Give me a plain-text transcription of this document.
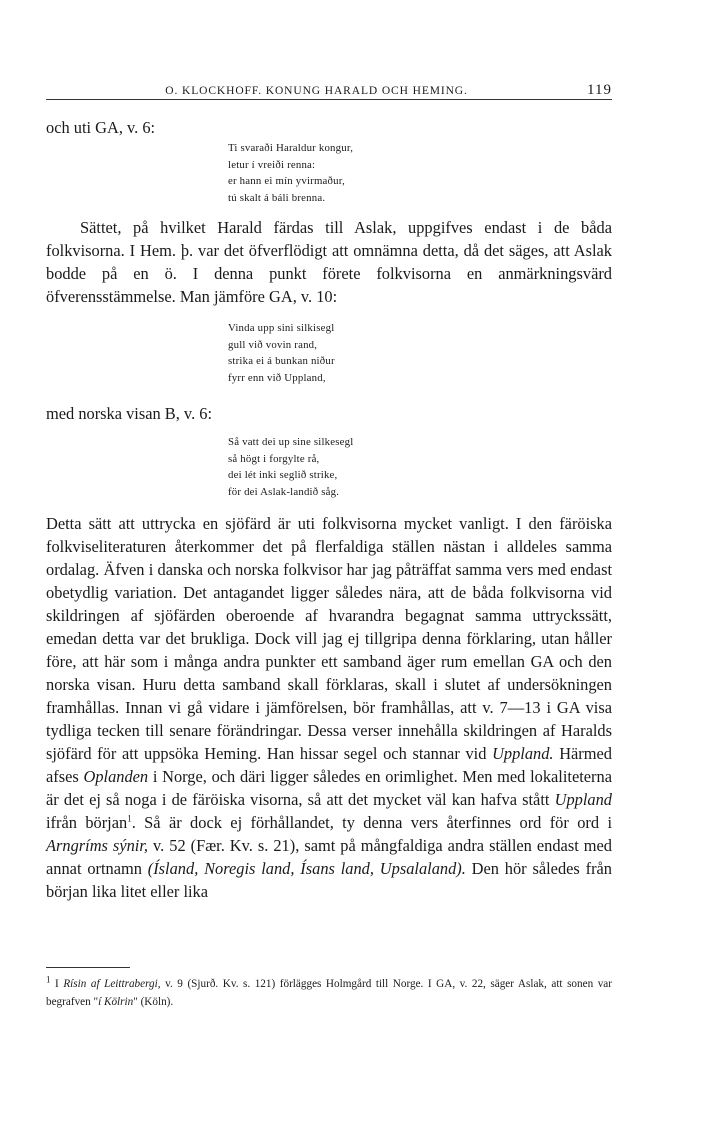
O. KLOCKHOFF. KONUNG HARALD OCH HEMING.	119
och uti GA, v. 6:
Ti svaraði Haraldur kongur,
letur í vreiði renna:
er hann ei mín yvirmaður,
tú skalt á báli brenna.
Sättet, på hvilket Harald färdas till Aslak, uppgifves endast i de båda folkvisorna. I Hem. þ. var det öfverflödigt att omnämna detta, då det säges, att Aslak bodde på en ö. I denna punkt förete folkvisorna en anmärkningsvärd öfverensstämmelse. Man jämföre GA, v. 10:
Vinda upp sini silkisegl
gull við vovin rand,
strika ei á bunkan niður
fyrr enn við Uppland,
med norska visan B, v. 6:
Så vatt dei up sine silkesegl
så högt i forgylte rå,
dei lét inki seglið strike,
för dei Aslak-landið såg.
Detta sätt att uttrycka en sjöfärd är uti folkvisorna mycket vanligt. I den färöiska folkviseliteraturen återkommer det på flerfaldiga ställen nästan i alldeles samma ordalag. Äfven i danska och norska folkvisor har jag påträffat samma vers med endast obetydlig variation. Det antagandet ligger således nära, att de båda folkvisorna vid skildringen af sjöfärden oberoende af hvarandra begagnat samma uttryckssätt, emedan detta var det brukliga. Dock vill jag ej tillgripa denna förklaring, utan håller före, att här som i många andra punkter ett samband äger rum emellan GA och den norska visan. Huru detta samband skall förklaras, skall i slutet af undersökningen framhållas. Innan vi gå vidare i jämförelsen, bör framhållas, att v. 7—13 i GA visa tydliga tecken till senare förändringar. Dessa verser innehålla skildringen af Haralds sjöfärd för att uppsöka Heming. Han hissar segel och stannar vid Uppland. Härmed afses Oplanden i Norge, och däri ligger således en orimlighet. Men med lokaliteterna är det ej så noga i de färöiska visorna, så att det mycket väl kan hafva stått Uppland ifrån början$^1$. Så är dock ej förhållandet, ty denna vers återfinnes ord för ord i Arngríms sýnir, v. 52 (Fær. Kv. s. 21), samt på mångfaldiga andra ställen endast med annat ortnamn (Ísland, Noregis land, Ísans land, Upsalaland). Den hör således från början lika litet eller lika
$^1$ I Rísin af Leittrabergi, v. 9 (Sjurð. Kv. s. 121) förlägges Holmgård till Norge. I GA, v. 22, säger Aslak, att sonen var begrafven "í Kölrin" (Köln).
